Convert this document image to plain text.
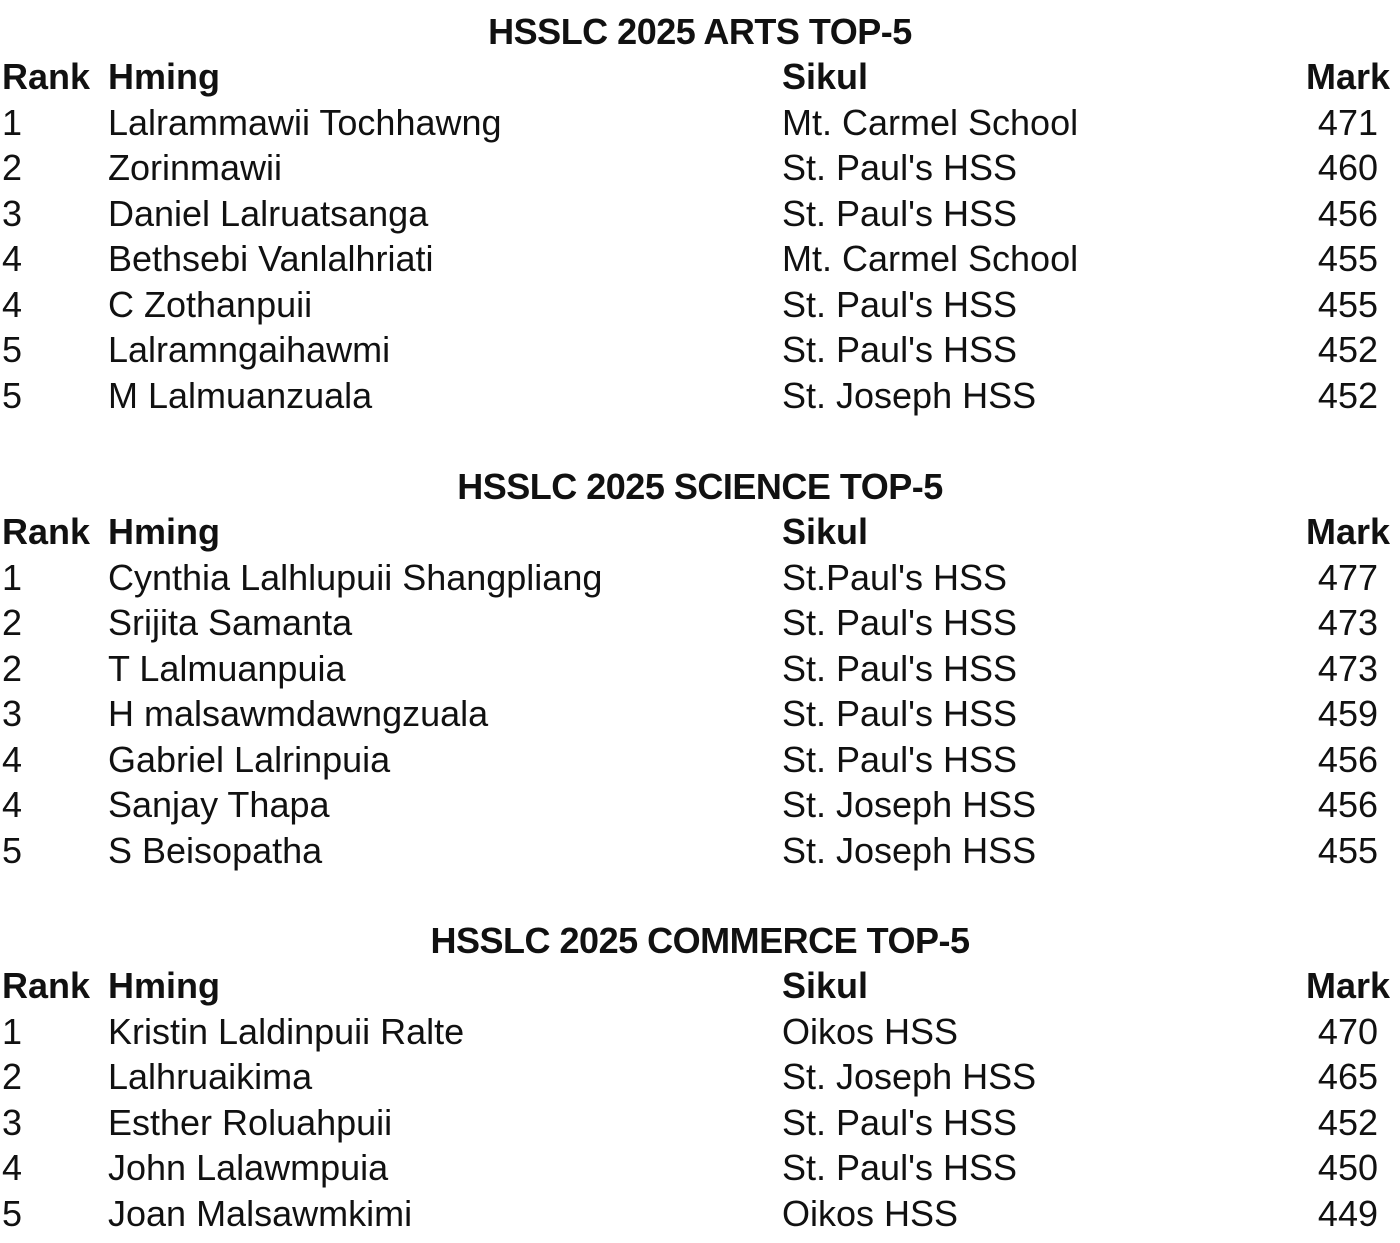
HSSLC 2025 ARTS TOP-5
Rank Hming	Sikul	Mark
1 Lalrammawii Tochhawng	Mt. Carmel School	471
2 Zorinmawii	St. Paul's HSS	460
3 Daniel Lalruatsanga	St. Paul's HSS	456
4 Bethsebi Vanlalhriati	Mt. Carmel School	455
4 C Zothanpuii	St. Paul's HSS	455
5 Lalramngaihawmi	St. Paul's HSS	452
5 M Lalmuanzuala	St. Joseph HSS	452
HSSLC 2025 SCIENCE TOP-5
Rank Hming	Sikul	Mark
1 Cynthia Lalhlupuii Shangpliang	St.Paul's HSS	477
2 Srijita Samanta	St. Paul's HSS	473
2 T Lalmuanpuia	St. Paul's HSS	473
3 H malsawmdawngzuala	St. Paul's HSS	459
4 Gabriel Lalrinpuia	St. Paul's HSS	456
4 Sanjay Thapa	St. Joseph HSS	456
5 S Beisopatha	St. Joseph HSS	455
HSSLC 2025 COMMERCE TOP-5
Rank Hming	Sikul	Mark
1 Kristin Laldinpuii Ralte	Oikos HSS	470
2 Lalhruaikima	St. Joseph HSS	465
3 Esther Roluahpuii	St. Paul's HSS	452
4 John Lalawmpuia	St. Paul's HSS	450
5 Joan Malsawmkimi	Oikos HSS	449
